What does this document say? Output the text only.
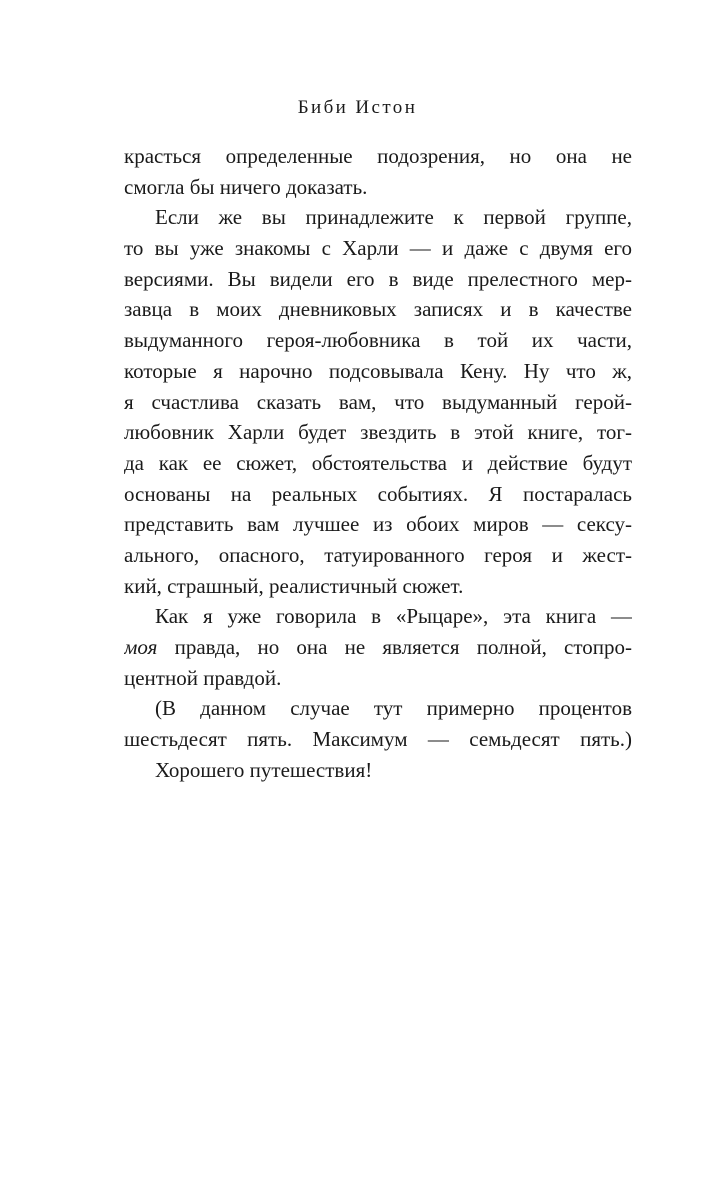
Биби Истон
красться определенные подозрения, но она не
смогла бы ничего доказать.
Если же вы принадлежите к первой группе,
то вы уже знакомы с Харли — и даже с двумя его
версиями. Вы видели его в виде прелестного мер-
завца в моих дневниковых записях и в качестве
выдуманного героя-любовника в той их части,
которые я нарочно подсовывала Кену. Ну что ж,
я счастлива сказать вам, что выдуманный герой-
любовник Харли будет звездить в этой книге, тог-
да как ее сюжет, обстоятельства и действие будут
основаны на реальных событиях. Я постаралась
представить вам лучшее из обоих миров — сексу-
ального, опасного, татуированного героя и жест-
кий, страшный, реалистичный сюжет.
Как я уже говорила в «Рыцаре», эта книга —
моя правда, но она не является полной, стопро-
центной правдой.
(В данном случае тут примерно процентов
шестьдесят пять. Максимум — семьдесят пять.)
Хорошего путешествия!
